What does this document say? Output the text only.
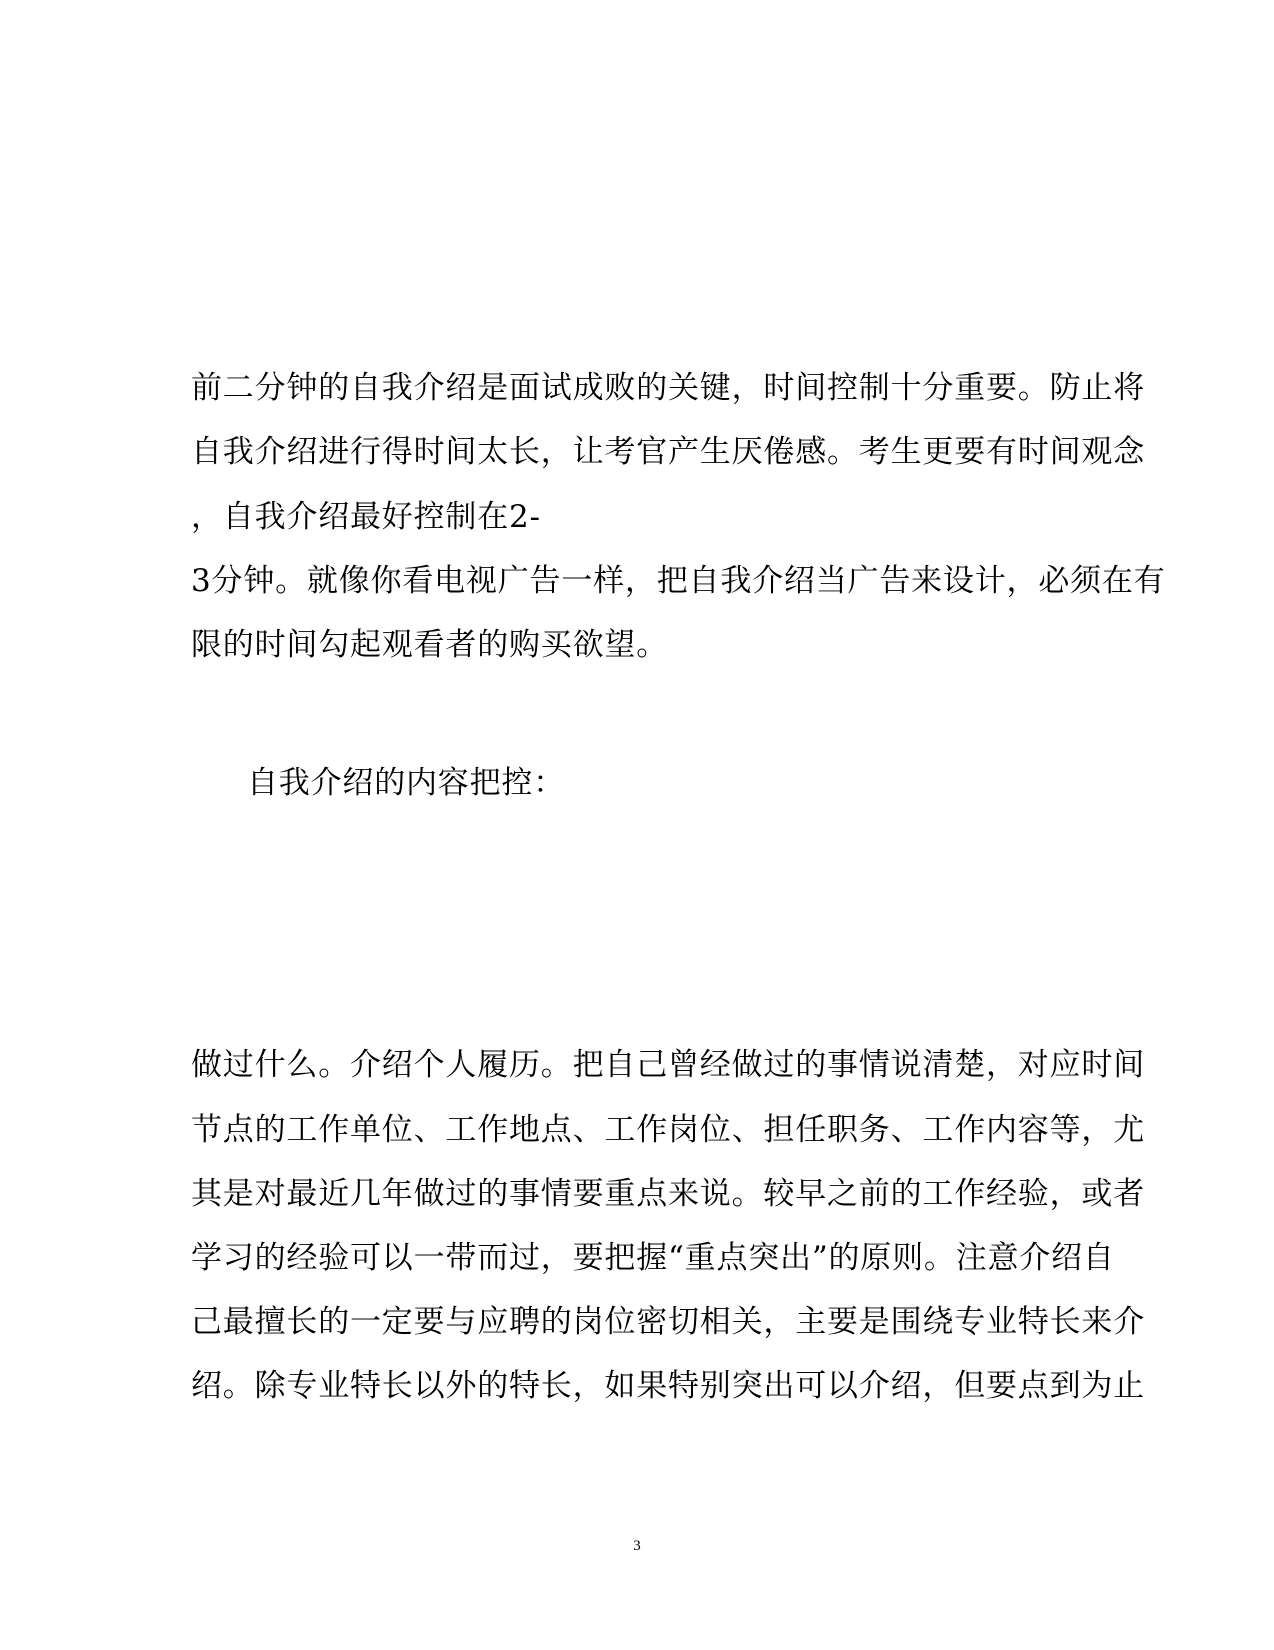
前二分钟的自我介绍是面试成败的关键，时间控制十分重要。防止将

自我介绍进行得时间太长，让考官产生厌倦感。考生更要有时间观念

，自我介绍最好控制在2-

3分钟。就像你看电视广告一样，把自我介绍当广告来设计，必须在有

限的时间勾起观看者的购买欲望。

自我介绍的内容把控：

做过什么。介绍个人履历。把自己曾经做过的事情说清楚，对应时间

节点的工作单位、工作地点、工作岗位、担任职务、工作内容等，尤

其是对最近几年做过的事情要重点来说。较早之前的工作经验，或者

学习的经验可以一带而过，要把握“重点突出”的原则。注意介绍自

己最擅长的一定要与应聘的岗位密切相关，主要是围绕专业特长来介

绍。除专业特长以外的特长，如果特别突出可以介绍，但要点到为止

3
